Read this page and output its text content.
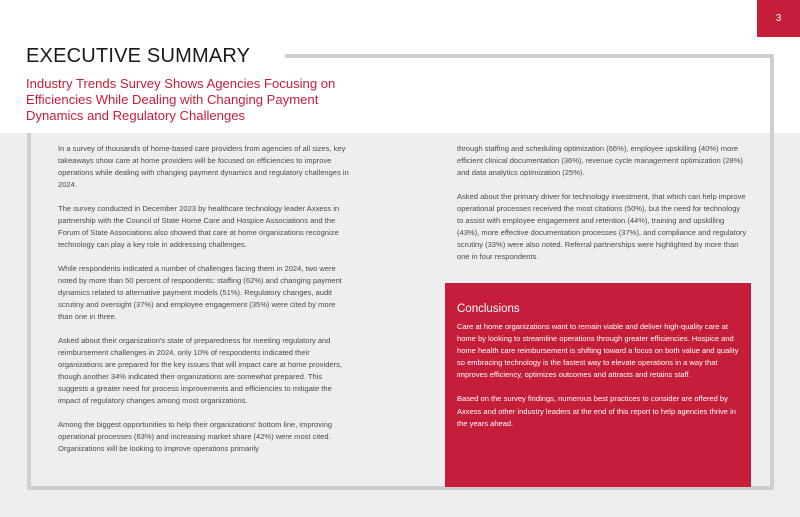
3
EXECUTIVE SUMMARY
Industry Trends Survey Shows Agencies Focusing on Efficiencies While Dealing with Changing Payment Dynamics and Regulatory Challenges

In a survey of thousands of home-based care providers from agencies of all sizes, key takeaways show care at home providers will be focused on efficiencies to improve operations while dealing with changing payment dynamics and regulatory challenges in 2024.

The survey conducted in December 2023 by healthcare technology leader Axxess in partnership with the Council of State Home Care and Hospice Associations and the Forum of State Associations also showed that care at home organizations recognize technology can play a key role in addressing challenges.

While respondents indicated a number of challenges facing them in 2024, two were noted by more than 50 percent of respondents: staffing (62%) and changing payment dynamics related to alternative payment models (51%). Regulatory changes, audit scrutiny and oversight (37%) and employee engagement (35%) were cited by more than one in three.

Asked about their organization's state of preparedness for meeting regulatory and reimbursement challenges in 2024, only 10% of respondents indicated their organizations are prepared for the key issues that will impact care at home providers, though another 34% indicated their organizations are somewhat prepared. This suggests a greater need for process improvements and efficiencies to mitigate the impact of regulatory changes among most organizations.

Among the biggest opportunities to help their organizations' bottom line, improving operational processes (63%) and increasing market share (42%) were most cited. Organizations will be looking to improve operations primarily

through staffing and scheduling optimization (66%), employee upskilling (40%) more efficient clinical documentation (36%), revenue cycle management optimization (28%) and data analytics optimization (25%).

Asked about the primary driver for technology investment, that which can help improve operational processes received the most citations (50%), but the need for technology to assist with employee engagement and retention (44%), training and upskilling (43%), more effective documentation processes (37%), and compliance and regulatory scrutiny (33%) were also noted. Referral partnerships were highlighted by more than one in four respondents.

Conclusions

Care at home organizations want to remain viable and deliver high-quality care at home by looking to streamline operations through greater efficiencies. Hospice and home health care reimbursement is shifting toward a focus on both value and quality so embracing technology is the fastest way to elevate operations in a way that improves efficiency, optimizes outcomes and attracts and retains staff.

Based on the survey findings, numerous best practices to consider are offered by Axxess and other industry leaders at the end of this report to help agencies thrive in the years ahead.
